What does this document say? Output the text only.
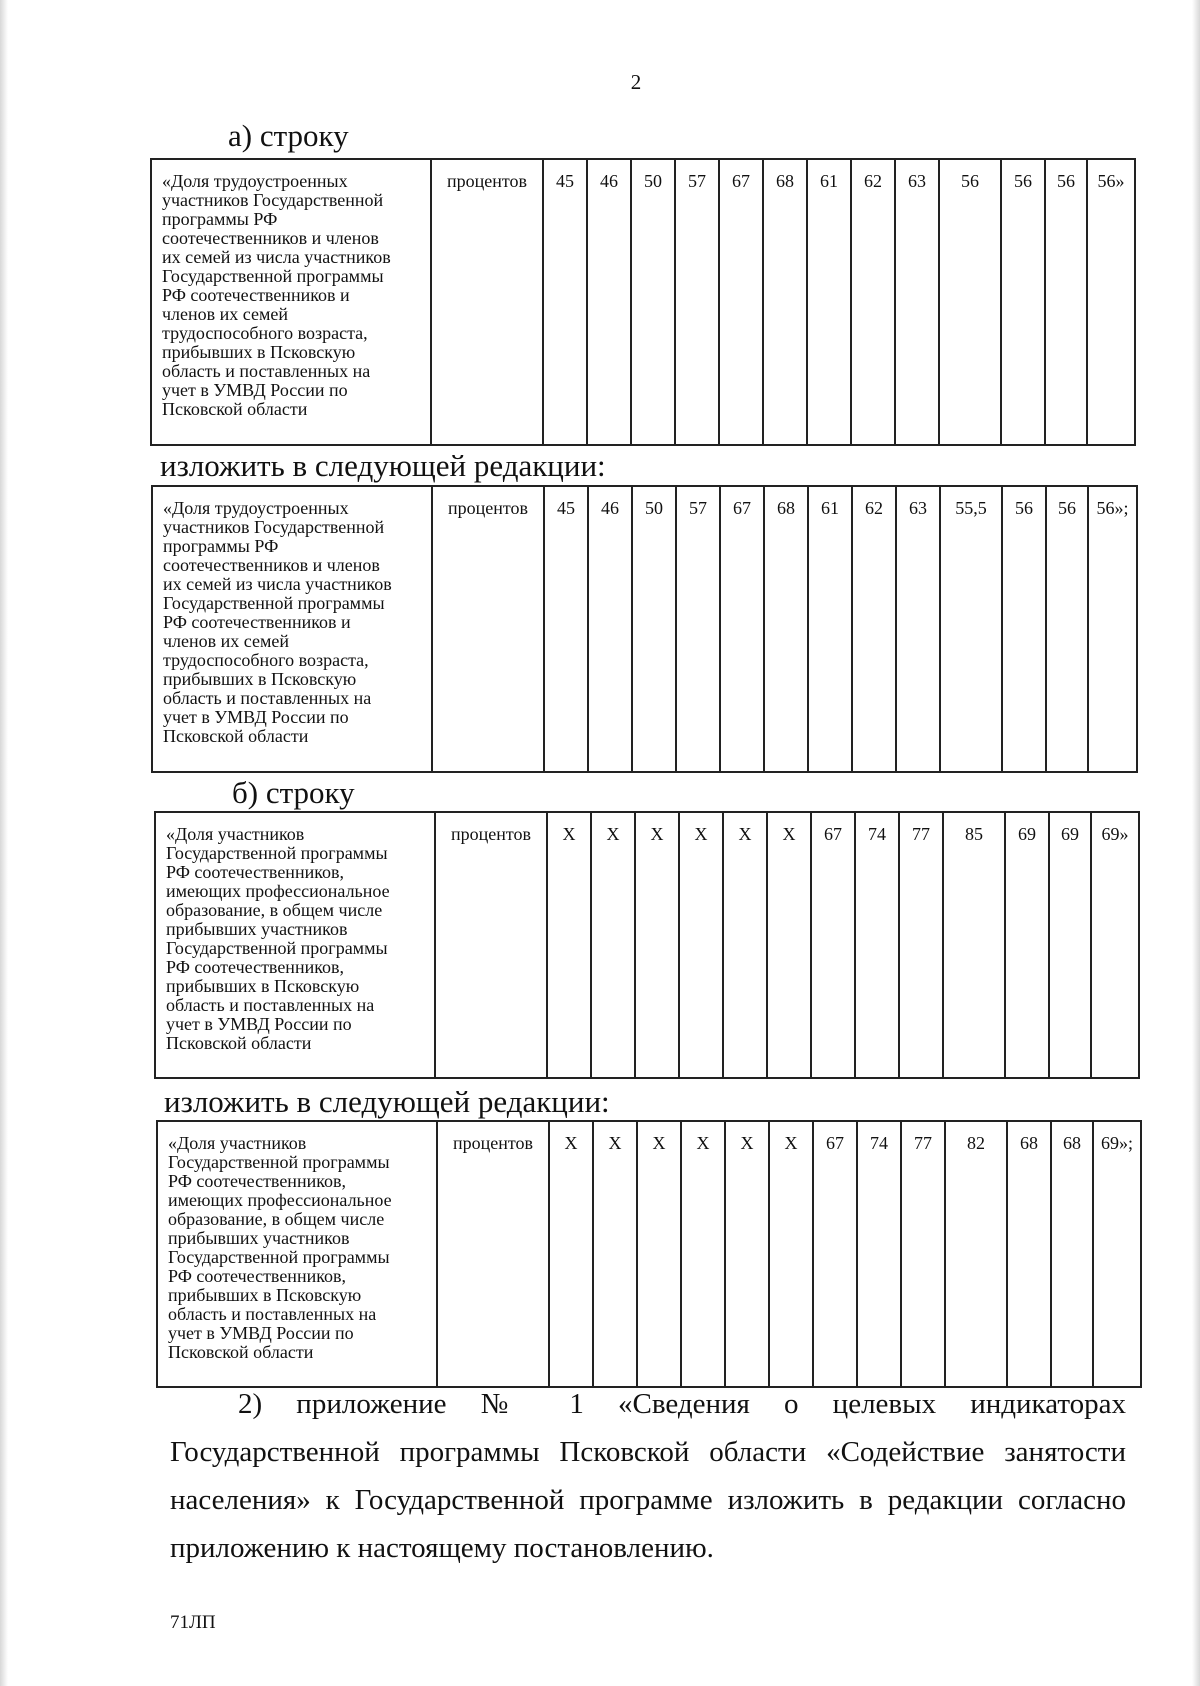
2
а) строку
«Доля трудоустроенных
участников Государственной
программы РФ
соотечественников и членов
их семей из числа участников
Государственной программы
РФ соотечественников и
членов их семей
трудоспособного возраста,
прибывших в Псковскую
область и поставленных на
учет в УМВД России по
Псковской области	процентов	45	46	50	57	67	68	61	62	63	56	56	56	56»
изложить в следующей редакции:
«Доля трудоустроенных
участников Государственной
программы РФ
соотечественников и членов
их семей из числа участников
Государственной программы
РФ соотечественников и
членов их семей
трудоспособного возраста,
прибывших в Псковскую
область и поставленных на
учет в УМВД России по
Псковской области	процентов	45	46	50	57	67	68	61	62	63	55,5	56	56	56»;
б) строку
«Доля участников
Государственной программы
РФ соотечественников,
имеющих профессиональное
образование, в общем числе
прибывших участников
Государственной программы
РФ соотечественников,
прибывших в Псковскую
область и поставленных на
учет в УМВД России по
Псковской области	процентов	Х	Х	Х	Х	Х	Х	67	74	77	85	69	69	69»
изложить в следующей редакции:
«Доля участников
Государственной программы
РФ соотечественников,
имеющих профессиональное
образование, в общем числе
прибывших участников
Государственной программы
РФ соотечественников,
прибывших в Псковскую
область и поставленных на
учет в УМВД России по
Псковской области	процентов	Х	Х	Х	Х	Х	Х	67	74	77	82	68	68	69»;

2) приложение № 1 «Сведения о целевых индикаторах Государственной программы Псковской области «Содействие занятости населения» к Государственной программе изложить в редакции согласно приложению к настоящему постановлению.

71ЛП
